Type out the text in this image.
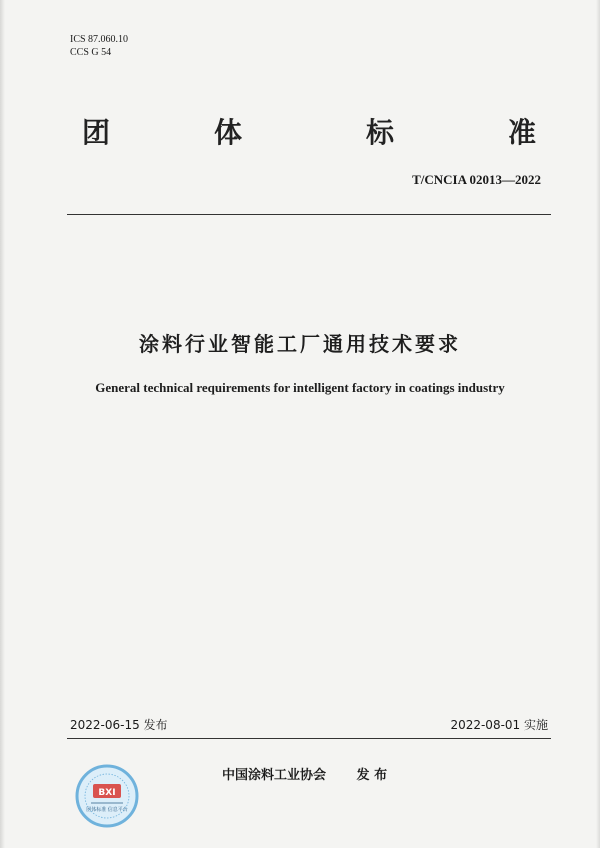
ICS 87.060.10
CCS G 54
团	体	标	准
T/CNCIA 02013—2022
涂料行业智能工厂通用技术要求
General technical requirements for intelligent factory in coatings industry
2022-06-15 发布	2022-08-01 实施
中国涂料工业协会 发 布
BXI
团体标准 信息平台
